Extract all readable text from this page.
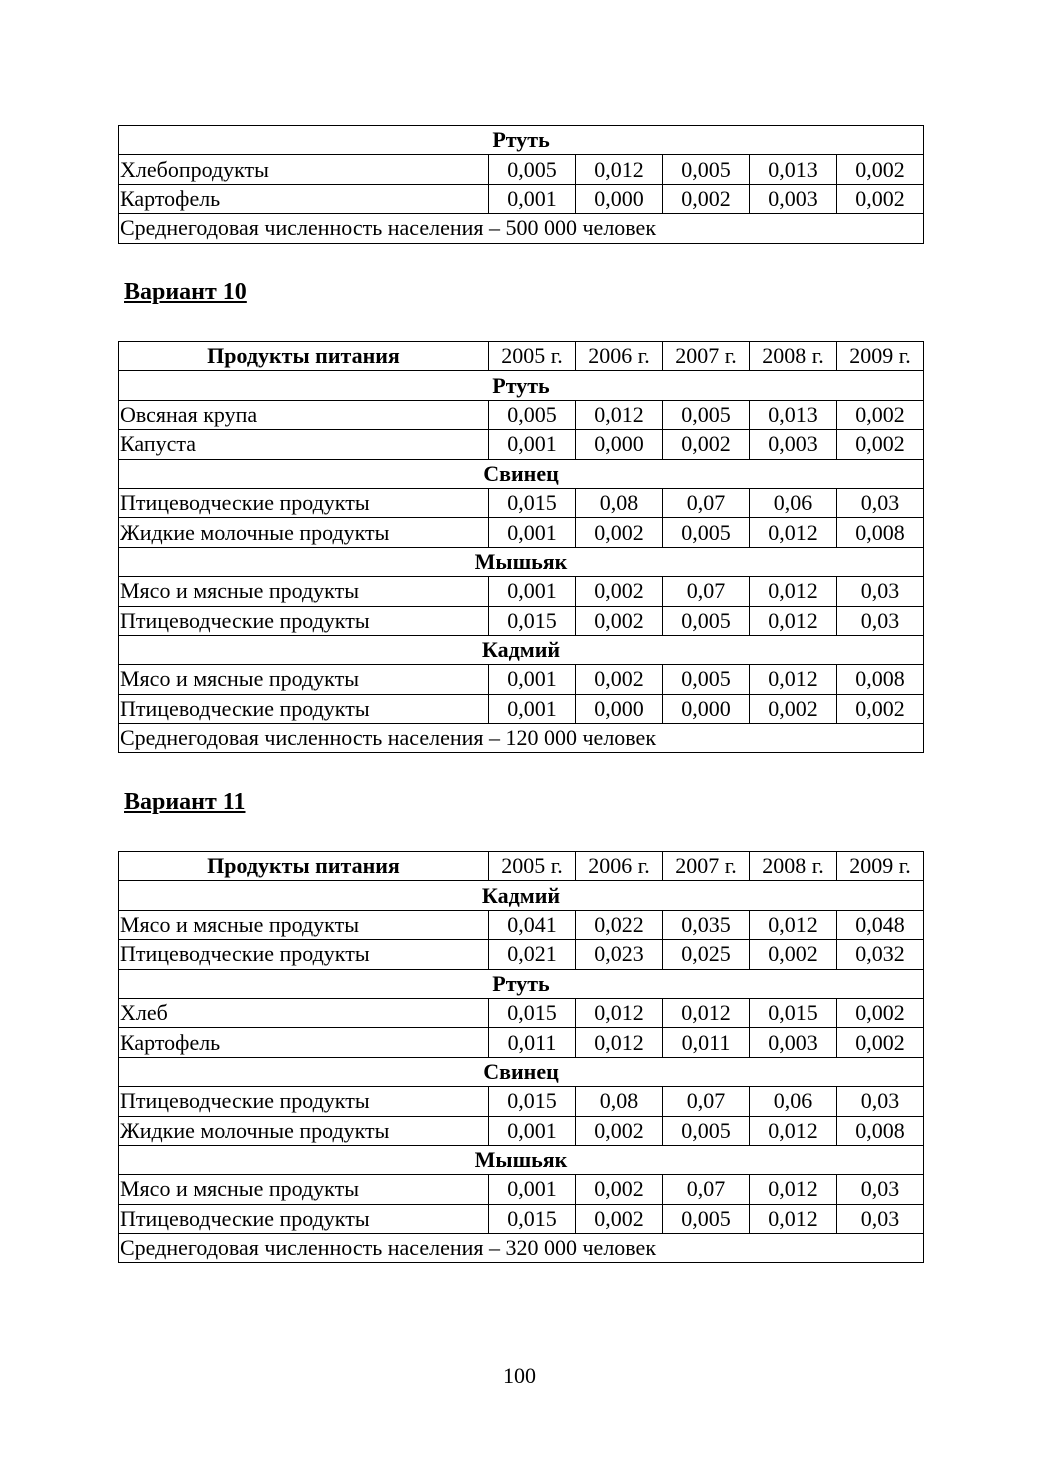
Ртуть					
Хлебопродукты	0,005	0,012	0,005	0,013	0,002
Картофель	0,001	0,000	0,002	0,003	0,002
Среднегодовая численность населения – 500 000 человек					
Вариант 10
Продукты питания	2005 г.	2006 г.	2007 г.	2008 г.	2009 г.
Ртуть					
Овсяная крупа	0,005	0,012	0,005	0,013	0,002
Капуста	0,001	0,000	0,002	0,003	0,002
Свинец					
Птицеводческие продукты	0,015	0,08	0,07	0,06	0,03
Жидкие молочные продукты	0,001	0,002	0,005	0,012	0,008
Мышьяк					
Мясо и мясные продукты	0,001	0,002	0,07	0,012	0,03
Птицеводческие продукты	0,015	0,002	0,005	0,012	0,03
Кадмий					
Мясо и мясные продукты	0,001	0,002	0,005	0,012	0,008
Птицеводческие продукты	0,001	0,000	0,000	0,002	0,002
Среднегодовая численность населения – 120 000 человек					
Вариант 11
Продукты питания	2005 г.	2006 г.	2007 г.	2008 г.	2009 г.
Кадмий					
Мясо и мясные продукты	0,041	0,022	0,035	0,012	0,048
Птицеводческие продукты	0,021	0,023	0,025	0,002	0,032
Ртуть					
Хлеб	0,015	0,012	0,012	0,015	0,002
Картофель	0,011	0,012	0,011	0,003	0,002
Свинец					
Птицеводческие продукты	0,015	0,08	0,07	0,06	0,03
Жидкие молочные продукты	0,001	0,002	0,005	0,012	0,008
Мышьяк					
Мясо и мясные продукты	0,001	0,002	0,07	0,012	0,03
Птицеводческие продукты	0,015	0,002	0,005	0,012	0,03
Среднегодовая численность населения – 320 000 человек					
100
